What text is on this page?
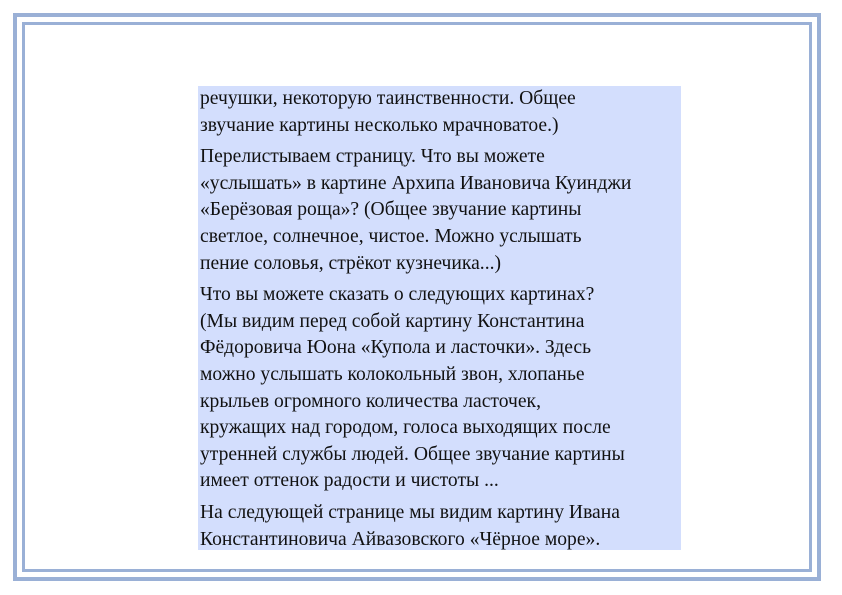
речушки, некоторую таинственности. Общее
звучание картины несколько мрачноватое.)

Перелистываем страницу. Что вы можете
«услышать» в картине Архипа Ивановича Куинджи
«Берёзовая роща»? (Общее звучание картины
светлое, солнечное, чистое. Можно услышать
пение соловья, стрёкот кузнечика...)

Что вы можете сказать о следующих картинах?
(Мы видим перед собой картину Константина
Фёдоровича Юона «Купола и ласточки». Здесь
можно услышать колокольный звон, хлопанье
крыльев огромного количества ласточек,
кружащих над городом, голоса выходящих после
утренней службы людей. Общее звучание картины
имеет оттенок радости и чистоты ...

На следующей странице мы видим картину Ивана
Константиновича Айвазовского «Чёрное море».
